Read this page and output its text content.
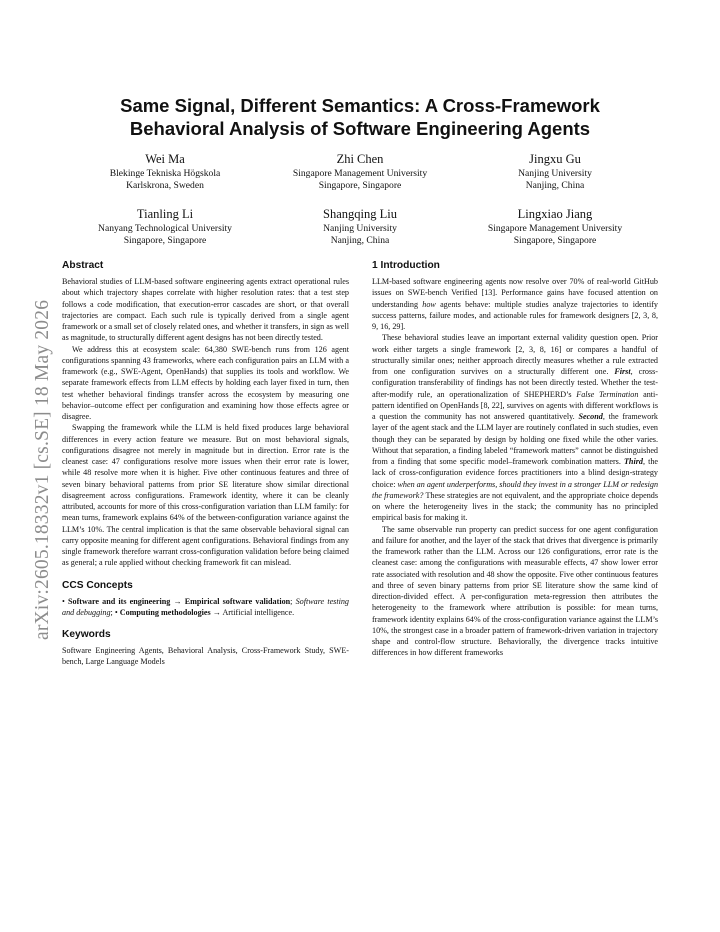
Same Signal, Different Semantics: A Cross-Framework
Behavioral Analysis of Software Engineering Agents
Wei Ma
Blekinge Tekniska Högskola
Karlskrona, Sweden
Zhi Chen
Singapore Management University
Singapore, Singapore
Jingxu Gu
Nanjing University
Nanjing, China
Tianling Li
Nanyang Technological University
Singapore, Singapore
Shangqing Liu
Nanjing University
Nanjing, China
Lingxiao Jiang
Singapore Management University
Singapore, Singapore
arXiv:2605.18332v1 [cs.SE] 18 May 2026
Abstract

Behavioral studies of LLM-based software engineering agents extract operational rules about which trajectory shapes correlate with higher resolution rates: that a test step follows a code modification, that execution-error cascades are short, or that overall trajectories are compact. Each such rule is typically derived from a single agent framework or a small set of closely related ones, and whether it transfers, in sign as well as magnitude, to structurally different agent designs has not been directly tested.

We address this at ecosystem scale: 64,380 SWE-bench runs from 126 agent configurations spanning 43 frameworks, where each configuration pairs an LLM with a framework (e.g., SWE-Agent, OpenHands) that supplies its tools and workflow. We separate framework effects from LLM effects by holding each layer fixed in turn, then test whether behavioral findings transfer across the ecosystem by measuring one behavior–outcome effect per configuration and examining how those effects agree or disagree.

Swapping the framework while the LLM is held fixed produces large behavioral differences in every action feature we measure. But on most behavioral signals, configurations disagree not merely in magnitude but in direction. Error rate is the cleanest case: 47 configurations resolve more issues when their error rate is lower, while 48 resolve more when it is higher. Five other continuous features and three of seven binary behavioral patterns from prior SE literature show similar directional disagreement across configurations. Framework identity, where it can be cleanly attributed, accounts for more of this cross-configuration variation than LLM family: for mean turns, framework explains 64% of the between-configuration variance against the LLM’s 10%. The central implication is that the same observable behavioral signal can carry opposite meaning for different agent configurations. Behavioral findings from any single framework therefore warrant cross-configuration validation before being claimed as general; a rule applied without checking framework fit can mislead.

CCS Concepts

• Software and its engineering → Empirical software validation; Software testing and debugging; • Computing methodologies → Artificial intelligence.

Keywords

Software Engineering Agents, Behavioral Analysis, Cross-Framework Study, SWE-bench, Large Language Models

1 Introduction

LLM-based software engineering agents now resolve over 70% of real-world GitHub issues on SWE-bench Verified [13]. Performance gains have focused attention on understanding how agents behave: multiple studies analyze trajectories to identify success patterns, failure modes, and actionable rules for framework designers [2, 3, 8, 9, 16, 29].

These behavioral studies leave an important external validity question open. Prior work either targets a single framework [2, 3, 8, 16] or compares a handful of structurally similar ones; neither approach directly measures whether a rule extracted from one configuration survives on a structurally different one. First, cross-configuration transferability of findings has not been directly tested. Whether the test-after-modify rule, an operationalization of SHEPHERD’s False Termination anti-pattern identified on OpenHands [8, 22], survives on agents with different workflows is a question the community has not answered quantitatively. Second, the framework layer of the agent stack and the LLM layer are routinely conflated in such studies, even though they can be separated by design by holding one fixed while the other varies. Without that separation, a finding labeled “framework matters” cannot be distinguished from a finding that some specific model–framework combination matters. Third, the lack of cross-configuration evidence forces practitioners into a blind design-strategy choice: when an agent underperforms, should they invest in a stronger LLM or redesign the framework? These strategies are not equivalent, and the appropriate choice depends on where the heterogeneity lives in the stack; the community has no principled empirical basis for making it.

The same observable run property can predict success for one agent configuration and failure for another, and the layer of the stack that drives that divergence is primarily the framework rather than the LLM. Across our 126 configurations, error rate is the cleanest case: among the configurations with measurable effects, 47 show lower error rate associated with resolution and 48 show the opposite. Five other continuous features and three of seven binary patterns from prior SE literature show the same kind of direction-divided effect. A per-configuration meta-regression then attributes the heterogeneity to the framework where attribution is possible: for mean turns, framework identity explains 64% of the cross-configuration variance against the LLM’s 10%, the strongest case in a broader pattern of framework-driven variation in trajectory shape and control-flow structure. Behaviorally, the divergence tracks intuitive differences in how different frameworks
